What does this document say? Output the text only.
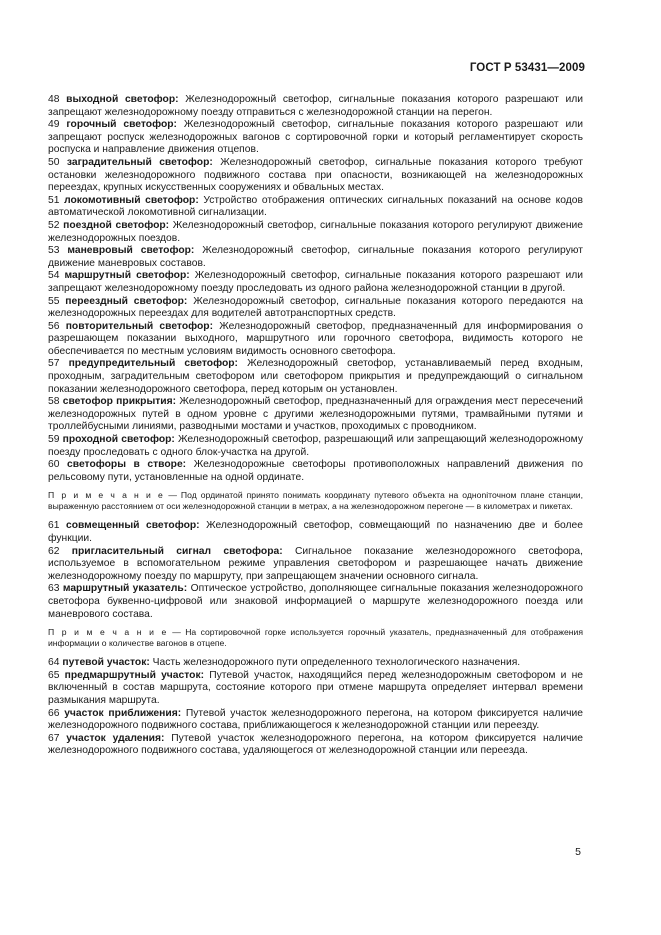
ГОСТ Р 53431—2009

48 выходной светофор: Железнодорожный светофор, сигнальные показания которого разрешают или запрещают железнодорожному поезду отправиться с железнодорожной станции на перегон.

49 горочный светофор: Железнодорожный светофор, сигнальные показания которого разрешают или запрещают роспуск железнодорожных вагонов с сортировочной горки и который регламентирует скорость роспуска и направление движения отцепов.

50 заградительный светофор: Железнодорожный светофор, сигнальные показания которого требуют остановки железнодорожного подвижного состава при опасности, возникающей на железнодорожных переездах, крупных искусственных сооружениях и обвальных местах.

51 локомотивный светофор: Устройство отображения оптических сигнальных показаний на основе кодов автоматической локомотивной сигнализации.

52 поездной светофор: Железнодорожный светофор, сигнальные показания которого регулируют движение железнодорожных поездов.

53 маневровый светофор: Железнодорожный светофор, сигнальные показания которого регулируют движение маневровых составов.

54 маршрутный светофор: Железнодорожный светофор, сигнальные показания которого разрешают или запрещают железнодорожному поезду проследовать из одного района железнодорожной станции в другой.

55 переездный светофор: Железнодорожный светофор, сигнальные показания которого передаются на железнодорожных переездах для водителей автотранспортных средств.

56 повторительный светофор: Железнодорожный светофор, предназначенный для информирования о разрешающем показании выходного, маршрутного или горочного светофора, видимость которого не обеспечивается по местным условиям видимость основного светофора.

57 предупредительный светофор: Железнодорожный светофор, устанавливаемый перед входным, проходным, заградительным светофором или светофором прикрытия и предупреждающий о сигнальном показании железнодорожного светофора, перед которым он установлен.

58 светофор прикрытия: Железнодорожный светофор, предназначенный для ограждения мест пересечений железнодорожных путей в одном уровне с другими железнодорожными путями, трамвайными путями и троллейбусными линиями, разводными мостами и участков, проходимых с проводником.

59 проходной светофор: Железнодорожный светофор, разрешающий или запрещающий железнодорожному поезду проследовать с одного блок-участка на другой.

60 светофоры в створе: Железнодорожные светофоры противоположных направлений движения по рельсовому пути, установленные на одной ординате.

П р и м е ч а н и е — Под ординатой принято понимать координату путевого объекта на одноniточном плане станции, выраженную расстоянием от оси железнодорожной станции в метрах, а на железнодорожном перегоне — в километрах и пикетах.

61 совмещенный светофор: Железнодорожный светофор, совмещающий по назначению две и более функции.

62 пригласительный сигнал светофора: Сигнальное показание железнодорожного светофора, используемое в вспомогательном режиме управления светофором и разрешающее начать движение железнодорожному поезду по маршруту, при запрещающем значении основного сигнала.

63 маршрутный указатель: Оптическое устройство, дополняющее сигнальные показания железнодорожного светофора буквенно-цифровой или знаковой информацией о маршруте железнодорожного поезда или маневрового состава.

П р и м е ч а н и е — На сортировочной горке используется горочный указатель, предназначенный для отображения информации о количестве вагонов в отцепе.

64 путевой участок: Часть железнодорожного пути определенного технологического назначения.

65 предмаршрутный участок: Путевой участок, находящийся перед железнодорожным светофором и не включенный в состав маршрута, состояние которого при отмене маршрута определяет интервал времени размыкания маршрута.

66 участок приближения: Путевой участок железнодорожного перегона, на котором фиксируется наличие железнодорожного подвижного состава, приближающегося к железнодорожной станции или переезду.

67 участок удаления: Путевой участок железнодорожного перегона, на котором фиксируется наличие железнодорожного подвижного состава, удаляющегося от железнодорожной станции или переезда.

5
